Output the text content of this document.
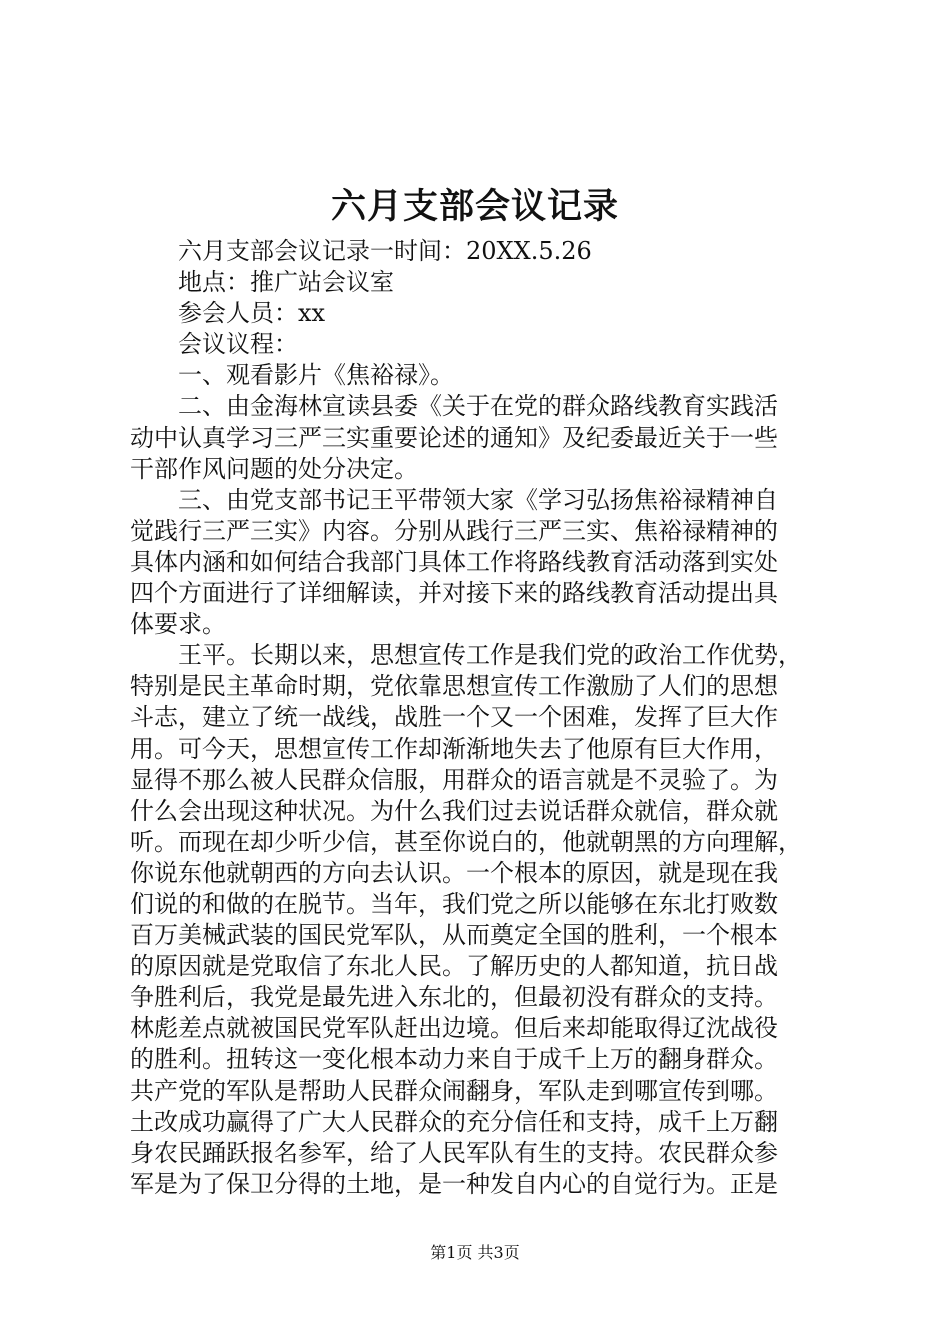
六月支部会议记录
六月支部会议记录一时间：20XX.5.26
地点：推广站会议室
参会人员：xx
会议议程：
一、观看影片《焦裕禄》。
二、由金海林宣读县委《关于在党的群众路线教育实践活
动中认真学习三严三实重要论述的通知》及纪委最近关于一些
干部作风问题的处分决定。
三、由党支部书记王平带领大家《学习弘扬焦裕禄精神自
觉践行三严三实》内容。分别从践行三严三实、焦裕禄精神的
具体内涵和如何结合我部门具体工作将路线教育活动落到实处
四个方面进行了详细解读，并对接下来的路线教育活动提出具
体要求。
王平。长期以来，思想宣传工作是我们党的政治工作优势，
特别是民主革命时期，党依靠思想宣传工作激励了人们的思想
斗志，建立了统一战线，战胜一个又一个困难，发挥了巨大作
用。可今天，思想宣传工作却渐渐地失去了他原有巨大作用，
显得不那么被人民群众信服，用群众的语言就是不灵验了。为
什么会出现这种状况。为什么我们过去说话群众就信，群众就
听。而现在却少听少信，甚至你说白的，他就朝黑的方向理解，
你说东他就朝西的方向去认识。一个根本的原因，就是现在我
们说的和做的在脱节。当年，我们党之所以能够在东北打败数
百万美械武装的国民党军队，从而奠定全国的胜利，一个根本
的原因就是党取信了东北人民。了解历史的人都知道，抗日战
争胜利后，我党是最先进入东北的，但最初没有群众的支持。
林彪差点就被国民党军队赶出边境。但后来却能取得辽沈战役
的胜利。扭转这一变化根本动力来自于成千上万的翻身群众。
共产党的军队是帮助人民群众闹翻身，军队走到哪宣传到哪。
土改成功赢得了广大人民群众的充分信任和支持，成千上万翻
身农民踊跃报名参军，给了人民军队有生的支持。农民群众参
军是为了保卫分得的土地，是一种发自内心的自觉行为。正是
第1页 共3页
